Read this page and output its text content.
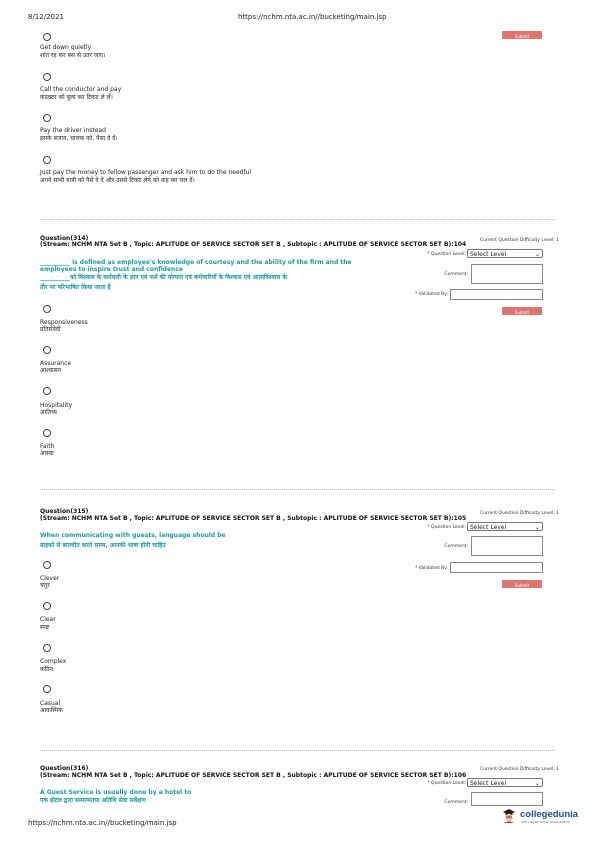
8/12/2021	https://nchm.nta.ac.in//bucketing/main.jsp
Submit
Get down quietly
शांत रह कर बस से उतर जाए।
Call the conductor and pay
कंडक्टर को बुला कर टिकट ले लें।
Pay the driver instead
इसके बजाय, चालक को, पैसा दे दें।
Just pay the money to fellow passenger and ask him to do the needful
अपने साथी यात्री को पैसे दे दें और उससे टिकट लेने को कह कर चल दें।
Question(314)
(Stream: NCHM NTA Set B , Topic: APLITUDE OF SERVICE SECTOR SET B , Subtopic : APLITUDE OF SERVICE SECTOR SET B):104
Current Question Difficulty Level: 1
* Question Level: Select Level	⌄
__________ is defined as employee's knowledge of courtesy and the ability of the firm and the
employees to inspire trust and confidence
__________को विश्वास के कर्मचारी के ज्ञान एवं फर्म की योग्यता एवं कर्मचारियों के विश्वास एवं आत्मविश्वास के
तौर पर परिभाषित किया जाता है
Comment:
* Validated By:
Submit
Responsiveness
प्रतिसंवेदी
Assurance
आश्वासन
Hospitality
आतिथ्य
Faith
आस्था
Question(315)
(Stream: NCHM NTA Set B , Topic: APLITUDE OF SERVICE SECTOR SET B , Subtopic : APLITUDE OF SERVICE SECTOR SET B):105
Current Question Difficulty Level: 1
* Question Level: Select Level	⌄
When communicating with guests, language should be
ग्राहकों से बातचीत करते समय, आपकी भाषा होनी चाहिए	Comment:
* Validated By:
Submit
Clever
चतुर
Clear
स्पष्ट
Complex
कठिन
Casual
आकस्मिक
Question(316)
(Stream: NCHM NTA Set B , Topic: APLITUDE OF SERVICE SECTOR SET B , Subtopic : APLITUDE OF SERVICE SECTOR SET B):106
Current Question Difficulty Level: 1
* Question Level: Select Level	⌄
A Guest Service is usually done by a hotel to
एक होटल द्वारा सामान्यतया अतिथि सेवा सर्वेक्षण	Comment:
https://nchm.nta.ac.in//bucketing/main.jsp
collegedunia
India's largest Student Review Platform
